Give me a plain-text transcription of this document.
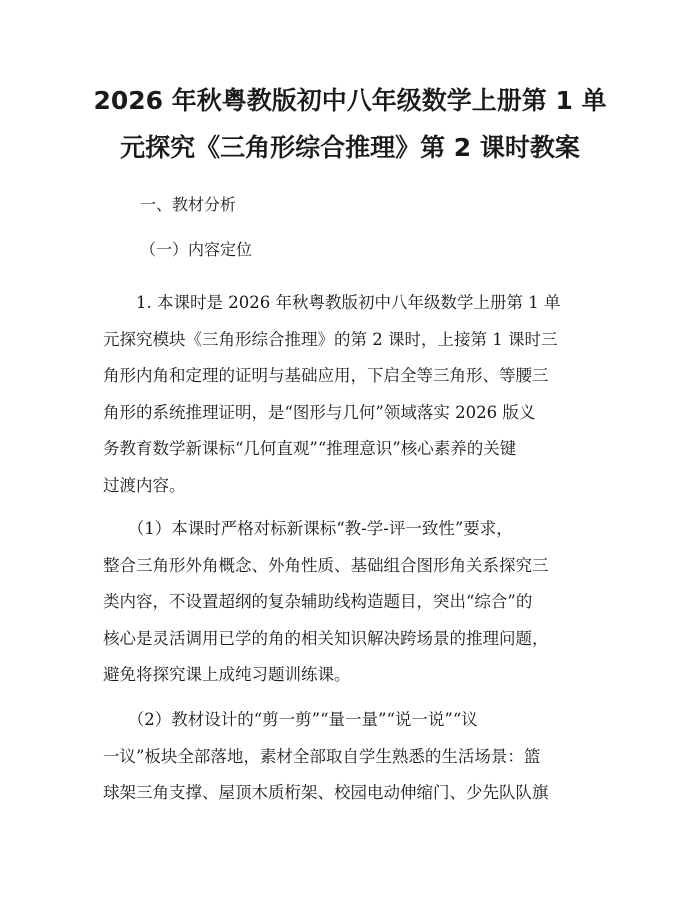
2026 年秋粤教版初中八年级数学上册第 1 单
元探究《三角形综合推理》第 2 课时教案

一、教材分析

（一）内容定位

　　1. 本课时是 2026 年秋粤教版初中八年级数学上册第 1 单
元探究模块《三角形综合推理》的第 2 课时，上接第 1 课时三
角形内角和定理的证明与基础应用，下启全等三角形、等腰三
角形的系统推理证明，是“图形与几何”领域落实 2026 版义
务教育数学新课标“几何直观”“推理意识”核心素养的关键
过渡内容。

　　（1）本课时严格对标新课标“教-学-评一致性”要求，
整合三角形外角概念、外角性质、基础组合图形角关系探究三
类内容，不设置超纲的复杂辅助线构造题目，突出“综合”的
核心是灵活调用已学的角的相关知识解决跨场景的推理问题，
避免将探究课上成纯习题训练课。

　　（2）教材设计的“剪一剪”“量一量”“说一说”“议
一议”板块全部落地，素材全部取自学生熟悉的生活场景：篮
球架三角支撑、屋顶木质桁架、校园电动伸缩门、少先队队旗
